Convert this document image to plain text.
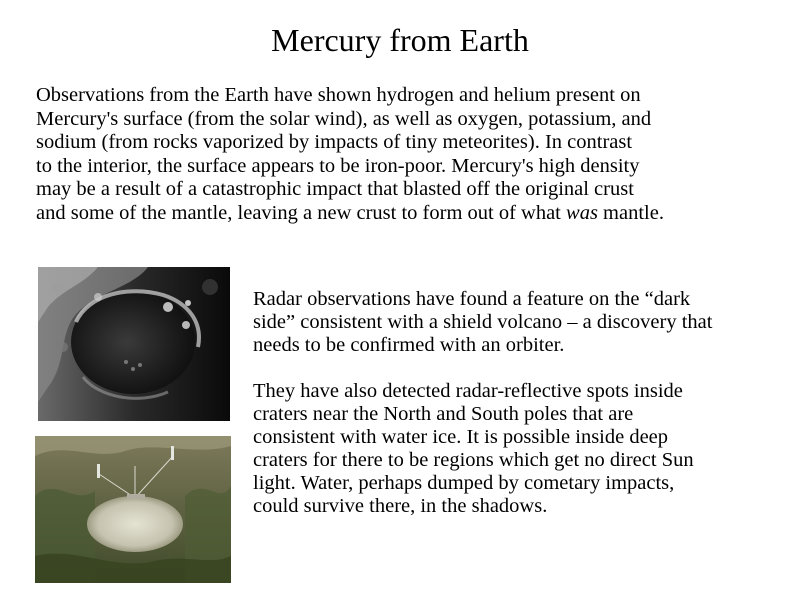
Mercury from Earth
Observations from the Earth have shown hydrogen and helium present on
Mercury's surface (from the solar wind), as well as oxygen, potassium, and
sodium (from rocks vaporized by impacts of tiny meteorites). In contrast
to the interior, the surface appears to be iron-poor. Mercury's high density
may be a result of a catastrophic impact that blasted off the original crust
and some of the mantle, leaving a new crust to form out of what was mantle.
Radar observations have found a feature on the “dark
side” consistent with a shield volcano – a discovery that
needs to be confirmed with an orbiter.
They have also detected radar-reflective spots inside
craters near the North and South poles that are
consistent with water ice. It is possible inside deep
craters for there to be regions which get no direct Sun
light. Water, perhaps dumped by cometary impacts,
could survive there, in the shadows.
